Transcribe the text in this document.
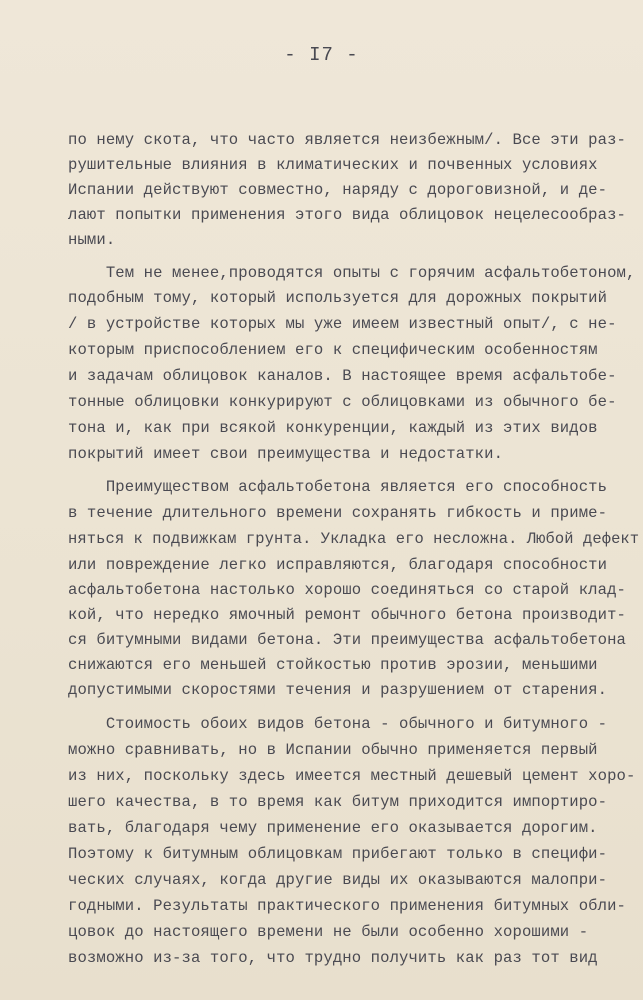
- I7 -
по нему скота, что часто является неизбежным/. Все эти раз-
рушительные влияния в климатических и почвенных условиях
Испании действуют совместно, наряду с дороговизной, и де-
лают попытки применения этого вида облицовок нецелесообраз-
ными.
Тем не менее,проводятся опыты с горячим асфальтобетоном,
подобным тому, который используется для дорожных покрытий
/ в устройстве которых мы уже имеем известный опыт/, с не-
которым приспособлением его к специфическим особенностям
и задачам облицовок каналов. В настоящее время асфальтобе-
тонные облицовки конкурируют с облицовками из обычного бе-
тона и, как при всякой конкуренции, каждый из этих видов
покрытий имеет свои преимущества и недостатки.
Преимуществом асфальтобетона является его способность
в течение длительного времени сохранять гибкость и приме-
няться к подвижкам грунта. Укладка его несложна. Любой дефект
или повреждение легко исправляются, благодаря способности
асфальтобетона настолько хорошо соединяться со старой клад-
кой, что нередко ямочный ремонт обычного бетона производит-
ся битумными видами бетона. Эти преимущества асфальтобетона
снижаются его меньшей стойкостью против эрозии, меньшими
допустимыми скоростями течения и разрушением от старения.
Стоимость обоих видов бетона - обычного и битумного -
можно сравнивать, но в Испании обычно применяется первый
из них, поскольку здесь имеется местный дешевый цемент хоро-
шего качества, в то время как битум приходится импортиро-
вать, благодаря чему применение его оказывается дорогим.
Поэтому к битумным облицовкам прибегают только в специфи-
ческих случаях, когда другие виды их оказываются малопри-
годными. Результаты практического применения битумных обли-
цовок до настоящего времени не были особенно хорошими -
возможно из-за того, что трудно получить как раз тот вид
